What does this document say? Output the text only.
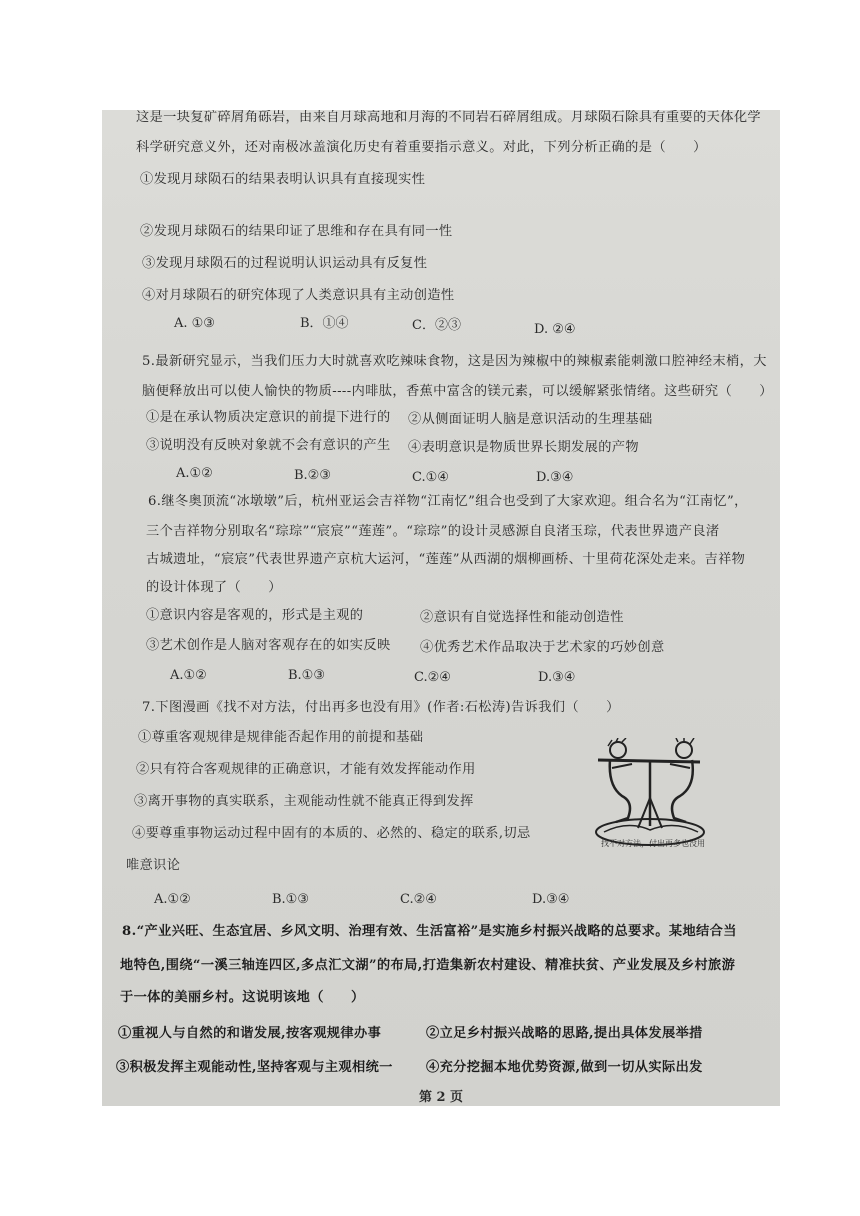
这是一块复矿碎屑角砾岩，由来自月球高地和月海的不同岩石碎屑组成。月球陨石除具有重要的天体化学
科学研究意义外，还对南极冰盖演化历史有着重要指示意义。对此，下列分析正确的是（　　）
①发现月球陨石的结果表明认识具有直接现实性
②发现月球陨石的结果印证了思维和存在具有同一性
③发现月球陨石的过程说明认识运动具有反复性
④对月球陨石的研究体现了人类意识具有主动创造性
A. ①③	B．①④	C．②③	D. ②④
5.最新研究显示，当我们压力大时就喜欢吃辣味食物，这是因为辣椒中的辣椒素能刺激口腔神经末梢，大
脑便释放出可以使人愉快的物质----内啡肽，香蕉中富含的镁元素，可以缓解紧张情绪。这些研究（　　）
①是在承认物质决定意识的前提下进行的 ②从侧面证明人脑是意识活动的生理基础
③说明没有反映对象就不会有意识的产生 ④表明意识是物质世界长期发展的产物
A.①②	B.②③	C.①④	D.③④
6.继冬奥顶流“冰墩墩”后，杭州亚运会吉祥物“江南忆”组合也受到了大家欢迎。组合名为“江南忆”，
三个吉祥物分别取名“琮琮”“宸宸”“莲莲”。“琮琮”的设计灵感源自良渚玉琮，代表世界遗产良渚
古城遗址，“宸宸”代表世界遗产京杭大运河，“莲莲”从西湖的烟柳画桥、十里荷花深处走来。吉祥物
的设计体现了（　　）
①意识内容是客观的，形式是主观的	②意识有自觉选择性和能动创造性
③艺术创作是人脑对客观存在的如实反映 ④优秀艺术作品取决于艺术家的巧妙创意
A.①②	B.①③	C.②④	D.③④
7.下图漫画《找不对方法，付出再多也没有用》(作者:石松涛)告诉我们（　　）
①尊重客观规律是规律能否起作用的前提和基础
②只有符合客观规律的正确意识，才能有效发挥能动作用
③离开事物的真实联系，主观能动性就不能真正得到发挥
④要尊重事物运动过程中固有的本质的、必然的、稳定的联系,切忌
唯意识论
A.①②	B.①③	C.②④	D.③④
找不对方法，付出再多也没用
8.“产业兴旺、生态宜居、乡风文明、治理有效、生活富裕”是实施乡村振兴战略的总要求。某地结合当
地特色,围绕“一溪三轴连四区,多点汇文湖”的布局,打造集新农村建设、精准扶贫、产业发展及乡村旅游
于一体的美丽乡村。这说明该地（　　）
①重视人与自然的和谐发展,按客观规律办事	②立足乡村振兴战略的思路,提出具体发展举措
③积极发挥主观能动性,坚持客观与主观相统一	④充分挖掘本地优势资源,做到一切从实际出发
第 2 页
